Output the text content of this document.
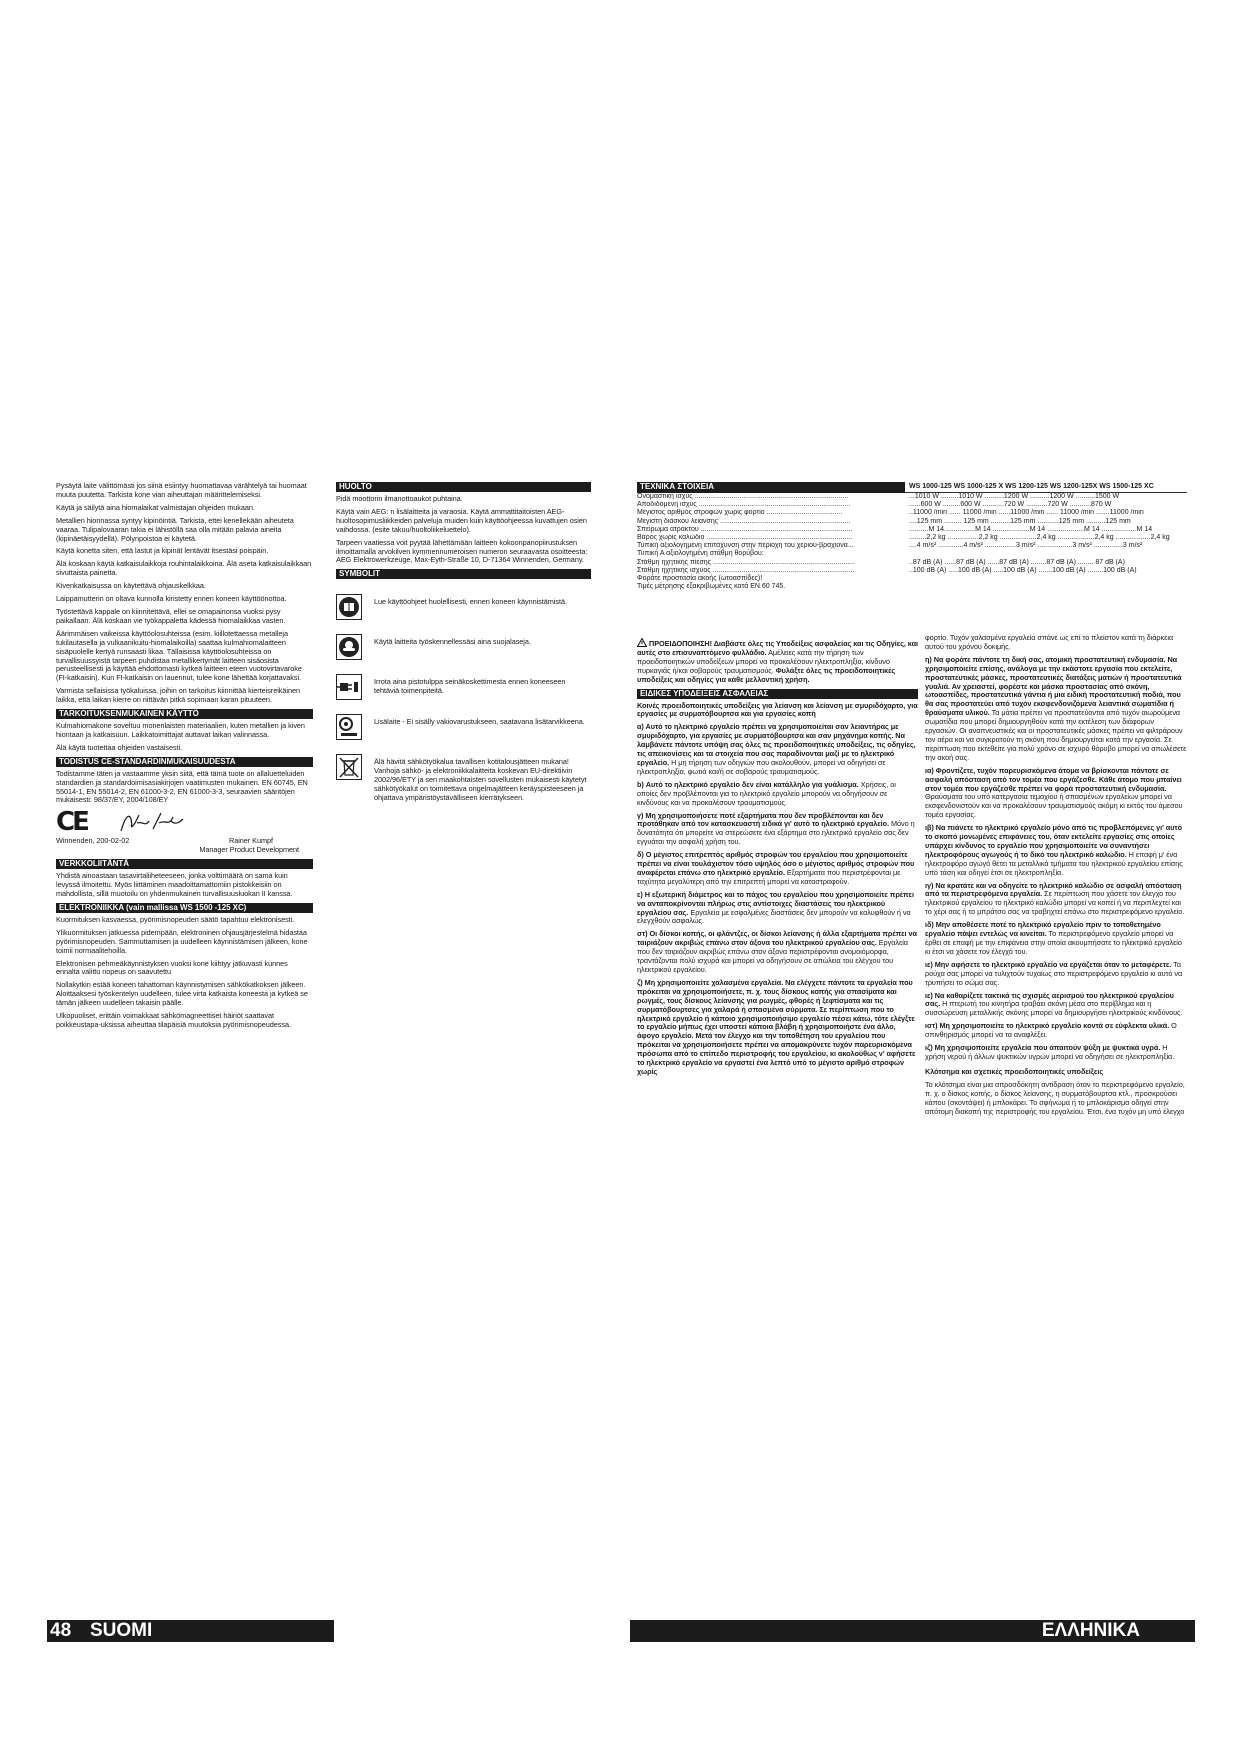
Pysäytä laite välittömästi jos siinä esiintyy huomattavaa värähtelyä tai huomaat muuta puutetta. Tarkista kone vian aiheuttajan määrittelemiseksi.

Käytä ja säilytä aina hiomalaikat valmistajan ohjeiden mukaan.

Metallien hionnassa syntyy kipinöintiä. Tarkista, ettei kenellekään aiheuteta vaaraa. Tulipalovaaran takia ei lähistöllä saa olla mitään palavia aineita (kipinäetäisyydellä). Pölynpoistoa ei käytetä.

Käytä konetta siten, että lastut ja kipinät lentävät itsestäsi poispäin.

Älä koskaan käytä katkaisulaikkoja rouhintalaikkoina. Älä aseta katkaisulaikkaan sivuttaista painetta.

Kivenkatkaisussa on käytettävä ohjauskelkkaa.

Laippamutterin on oltava kunnolla kiristetty ennen koneen käyttöönottoa.

Työstettävä kappale on kiinnitettävä, ellei se omapainonsa vuoksi pysy paikallaan. Älä koskaan vie työkappaletta kädessä hiomalaikkaa vasten.

Äärimmäisen vaikeissa käyttöolosuhteissa (esim. kiillotettaessa metalleja tukilautasella ja vulkaanikuitu-hiomalaikoilla) saattaa kulmahiomalaitteen sisäpuolelle kertyä runsaasti likaa. Tällaisissa käyttöolosuhteissa on turvallisuussyistä tarpeen puhdistaa metallikertymät laitteen sisäosista perusteellisesti ja käyttää ehdottomasti kytkeä laitteen eteen vuotovirtavaroke (FI-katkaisin). Kun FI-katkaisin on lauennut, tulee kone lähettää korjattavaksi.

Varmista sellaisissa työkaluissa, joihin on tarkoitus kiinnittää kierteisreikäinen laikka, että laikan kierre on riittävän pitkä sopimaan karan pituuteen.

TARKOITUKSENMUKAINEN KÄYTTÖ

Kulmahiomakone soveltuu monenlaisten materiaalien, kuten metallien ja kiven hiontaan ja katkaisuun. Laikkatoimittajat auttavat laikan valinnassa.

Älä käytä tuotettaa ohjeiden vastaisesti.

TODISTUS CE-STANDARDINMUKAISUUDESTA

Todistamme täten ja vastaamme yksin siitä, että tämä tuote on allaluetteluiden standardien ja standardoimisasiakirjojen vaatimusten mukainen. EN 60745, EN 55014-1, EN 55014-2, EN 61000-3-2, EN 61000-3-3, seuraavien sääntöjen mukaisesti: 98/37/EY, 2004/108/EY

CE
Winnenden, 200-02-02	Rainer Kumpf

Manager Product Development

VERKKOLIITÄNTÄ

Yhdistä ainoastaan tasavirtaliiheteeseen, jonka volttimäärä on sama kuin levyssä ilmoitettu. Myös liittäminen maadoittamattomiin pistokkeisiin on mahdollista, sillä muotoilu on yhdenmukainen turvallisuusluokan II kanssa.

ELEKTRONIIKKA (vain mallissa WS 1500 -125 XC)

Kuormituksen kasvaessa, pyörimisnopeuden säätö tapahtuu elektronisesti.

Ylikuormituksen jatkuessa pidempään, elektroninen ohjausjärjestelmä hidastaa pyörimisnopeuden. Sammuttamisen ja uudelleen käynnistämisen jälkeen, kone toimii normaalitehoilla.

Elektronisen pehmeäkäynnistyksen vuoksi kone kiihtyy jatkuvasti kunnes ennalta valittu nopeus on saavutettu

Nollakytkin estää koneen tahattoman käynnistymisen sähkökatkoksen jälkeen. Aloittaaksesi työskentelyn uudelleen, tulee virta katkaista koneesta ja kytkeä se tämän jälkeen uudelleen takaisin päälle.

Ulkopuoliset, erittäin voimakkaat sähkömagneettiset häiriöt saattavat poikkeustapa-uksissa aiheuttaa tilapäisiä muutoksia pyörimisnopeudessa.

HUOLTO

Pidä moottorin ilmanottoaukot puhtaina.

Käytä vain AEG: n lisälaitteita ja varaosia. Käytä ammattitaitoisten AEG-huoltosopimusliikkeiden palveluja muiden kuin käyttöohjeessa kuvattujen osien vaihdossa. (esite takuu/huoltoliikeluettelo).

Tarpeen vaatiessa voit pyytää lähettämään laitteen kokoonpanopiirustuksen ilmoittamalla arvokilven kymmennumeroisen numeron seuraavasta osoitteesta: AEG Elektrowerkzeuge, Max-Eyth-Straße 10, D-71364 Winnenden, Germany.

SYMBOLIT
Lue käyttöohjeet huolellisesti, ennen koneen käynnistämistä.
Käytä laitteita työskennellessäsi aina suojalaseja.
Irrota aina pistotulppa seinäkoskettimesta ennen koneeseen tehtäviä toimenpiteitä.
Lisälaite - Ei sisälly vakiovarustukseen, saatavana lisätarvikkeena.
Älä hävitä sähkötyökalua tavallisen kotitalousjätteen mukana! Vanhoja sähkö- ja elektroniikkalaitteita koskevan EU-direktiivin 2002/96/ETY ja sen maakohtaisten sovellusten mukaisesti käytetyt sähkötyökalut on toimitettava ongelmajätteen keräyspisteeseen ja ohjattava ympäristöystävälliseen kierrätykseen.
48 SUOMI
ΤΕΧΝΙΚΑ ΣΤΟΙΧΕΙΑ	WS 1000-125 WS 1000-125 X WS 1200-125 WS 1200-125X WS 1500-125 XC
Ονομαστική ισχύς ...............................................................................	...1010 W .........1010 W ..........1200 W ..........1200 W ..........1500 W
Αποδιδόμενη ισχύς ..............................................................................	......600 W .........600 W ...........720 W ...........720 W ...........870 W
Μέγιστος αριθμός στροφών χωρίς φορτίο .......................................	..11000 /min ...... 11000 /min ......11000 /min ...... 11000 /min .......11000 /min
Μέγιστη διάσκου λείανσης ...................................................................	....125 mm ......... 125 mm ..........125 mm ...........125 mm ..........125 mm
Σπείρωμα ατράκτου ..............................................................................	..........M 14................M 14 ...................M 14 ...................M 14 ..................M 14
Βάρος χωρίς καλώδιο ...........................................................................	.........2,2 kg ................2,2 kg ...................2,4 kg ...................2,4 kg ..................2,4 kg
Τυπική αξιολογημένη επιτάχυνση στην περιοχή του χεριού-βραχίονα...	....4 m/s² .............4 m/s² ................3 m/s² ..................3 m/s² ...............3 m/s²
Τυπική Α αξιολογημένη στάθμη θορύβου:
Στάθμη ηχητικής πίεσης .........................................................................	..87 dB (A) ......87 dB (A) ......87 dB (A) ........87 dB (A) ........ 87 dB (A)
Στάθμη ηχητικής ισχύος .........................................................................	..100 dB (A) .....100 dB (A) .....100 dB (A) .......100 dB (A) ........100 dB (A)
Φοράτε προστασία ακοής (ωτοασπίδες)!
Τιμές μέτρησης εξακριβωμένες κατά EN 60 745.

ΠΡΟΕΙΔΟΠΟΙΗΣΗ! Διαβάστε όλες τις Υποδείξεις ασφαλείας και τις Οδηγίες, και αυτές στο επισυναπτόμενο φυλλάδιο. Αμέλειες κατά την τήρηση των προειδοποιητικών υποδείξεων μπορεί να προκαλέσουν ηλεκτροπληξία, κίνδυνο πυρκαγιάς ή/και σοβαρούς τραυματισμούς. Φυλάξτε όλες τις προειδοποιητικές υποδείξεις και οδηγίες για κάθε μελλοντική χρήση.

ΕΙΔΙΚΕΣ ΥΠΟΔΕΙΞΕΙΣ ΑΣΦΑΛΕΙΑΣ

Κοινές προειδοποιητικές υποδείξεις για λείανση και λείανση με σμυριδόχαρτο, για εργασίες με συρματόβουρτσα και για εργασίες κοπή

α) Αυτό το ηλεκτρικό εργαλείο πρέπει να χρησιμοποιείται σαν λειαντήρας με σμυριδόχαρτο, για εργασίες με συρματόβουρτσα και σαν μηχάνημα κοπής. Να λαμβάνετε πάντοτε υπόψη σας όλες τις προειδοποιητικές υποδείξεις, τις οδηγίες, τις απεικονίσεις και τα στοιχεία που σας παραδίνονται μαζί με το ηλεκτρικό εργαλείο. Η μη τήρηση των οδηγιών που ακολουθούν, μπορεί να οδηγήσει σε ηλεκτροπληξία, φωτιά και/ή σε σοβαρούς τραυματισμούς.

b) Αυτό το ηλεκτρικό εργαλείο δεν είναι κατάλληλο για γυάλισμα. Χρήσεις, οι οποίες δεν προβλέπονται για το ηλεκτρικό εργαλείο μπορούν να οδηγήσουν σε κινδύνους και να προκαλέσουν τραυματισμούς.

γ) Μη χρησιμοποιήσετε ποτέ εξαρτήματα που δεν προβλέπονται και δεν προτάθηκαν από τον κατασκευαστή ειδικά γι' αυτό το ηλεκτρικό εργαλείο. Μόνο η δυνατότητα ότι μπορείτε να στερεώσετε ένα εξάρτημα στο ηλεκτρικό εργαλείο σας δεν εγγυάται την ασφαλή χρήση του.

δ) Ο μέγιστος επιτρεπτός αριθμός στροφών του εργαλείου που χρησιμοποιείτε πρέπει να είναι τουλάχιστον τόσο υψηλός όσο ο μέγιστος αριθμός στροφών που αναφέρεται επάνω στο ηλεκτρικό εργαλείο. Εξαρτήματα που περιστρέφονται με ταχύτητα μεγαλύτερη από την επιτρεπτή μπορεί να καταστραφούν.

ε) Η εξωτερική διάμετρος και το πάχος του εργαλείου που χρησιμοποιείτε πρέπει να ανταποκρίνονται πλήρως στις αντίστοιχες διαστάσεις του ηλεκτρικού εργαλείου σας. Εργαλεία με εσφαλμένες διαστάσεις δεν μπορούν να καλυφθούν ή να ελεγχθούν ασφαλώς.

στ) Οι δίσκοι κοπής, οι φλάντζες, οι δίσκοι λείανσης ή άλλα εξαρτήματα πρέπει να ταιριάζουν ακριβώς επάνω στον άξονα του ηλεκτρικού εργαλείου σας. Εργαλεία που δεν ταιριάζουν ακριβώς επάνω στον άξονα περιστρέφονται ανομοιόμορφα, τραντάζονται πολύ ισχυρά και μπορεί να οδηγήσουν σε απώλεια του ελέγχου του ηλεκτρικού εργαλείου.

ζ) Μη χρησιμοποιείτε χαλασμένα εργαλεία. Να ελέγχετε πάντοτε τα εργαλεία που πρόκειται να χρησιμοποιήσετε, π. χ. τους δίσκους κοπής για σπασίματα και ρωγμές, τους δίσκους λείανσης για ρωγμές, φθορές ή ξεφτίσματα και τις συρματόβουρτσες για χαλαρά ή σπασμένα σύρματα. Σε περίπτωση που το ηλεκτρικό εργαλείο ή κάποιο χρησιμοποιήσιμο εργαλείο πέσει κάτω, τότε ελέγξτε το εργαλείο μήπως έχει υποστεί κάποια βλάβη ή χρησιμοποιήστε ένα άλλο, άφογο εργαλείο. Μετά τον έλεγχο και την τοποθέτηση του εργαλείου που πρόκειται να χρησιμοποιήσετε πρέπει να απομακρύνετε τυχόν παρευρισκόμενα πρόσωπα από το επίπεδο περιστροφής του εργαλείου, κι ακολούθως ν' αφήσετε το ηλεκτρικό εργαλείο να εργαστεί ένα λεπτό υπό το μέγιστο αριθμό στροφών χωρίς

φορτίο. Τυχόν χαλασμένα εργαλεία σπάνε ως επί το πλείστον κατά τη διάρκεια αυτού του χρόνου δοκιμής.

η) Να φοράτε πάντοτε τη δική σας, ατομική προστατευτική ενδυμασία. Να χρησιμοποιείτε επίσης, ανάλογα με την εκάστοτε εργασία που εκτελείτε, προστατευτικές μάσκες, προστατευτικές διατάξεις ματιών ή προστατευτικά γυαλιά. Αν χρειαστεί, φορέστε και μάσκα προστασίας από σκόνη, ωτοασπίδες, προστατευτικά γάντια ή μια ειδική προστατευτική ποδιά, που θα σας προστατεύει από τυχόν εκσφενδονιζόμενα λειαντικά σωματίδια ή θραύσματα υλικού. Τα μάτια πρέπει να προστατεύονται από τυχόν αιωρούμενα σωματίδια που μπορεί δημιουργηθούν κατά την εκτέλεση των διάφορων εργασιών. Οι αναπνευστικές και οι προστατευτικές μάσκες πρέπει να φιλτράρουν τον αέρα και να συγκρατούν τη σκόνη που δημιουργείται κατά την εργασία. Σε περίπτωση που εκτεθείτε για πολύ χρόνο σε ισχυρό θόρυβο μπορεί να απωλέσετε την ακοή σας.

ια) Φροντίζετε, τυχόν παρευρισκόμενα άτομα να βρίσκονται πάντοτε σε ασφαλή απόσταση από τον τομέα που εργάζεσθε. Κάθε άτομο που μπαίνει στον τομέα που εργάζεσθε πρέπει να φορά προστατευτική ενδυμασία. Θραύσματα του υπό κατεργασία τεμαχίου ή σπασμένων εργαλείων μπορεί να εκσφενδονιστούν και να προκαλέσουν τραυματισμούς ακόμη κι εκτός του άμεσου τομέα εργασίας.

ιβ) Να πιάνετε το ηλεκτρικό εργαλείο μόνο από τις προβλεπόμενες γι' αυτό το σκοπό μονωμένες επιφάνειες του, όταν εκτελείτε εργασίες στις οποίες υπάρχει κίνδυνος το εργαλείο που χρησιμοποιείτε να συναντήσει ηλεκτροφόρους αγωγούς ή το δικό του ηλεκτρικό καλώδιο. Η επαφή μ' ένα ηλεκτροφόρο αγωγό θέτει τα μεταλλικά τμήματα του ηλεκτρικού εργαλείου επίσης υπό τάση και οδηγεί έτσι σε ηλεκτροπληξία.

ιγ) Να κρατάτε και να οδηγείτε το ηλεκτρικό καλώδιο σε ασφαλή απόσταση από τα περιστρεφόμενα εργαλεία. Σε περίπτωση που χάσετε τον έλεγχο του ηλεκτρικού εργαλείου το ηλεκτρικό καλώδιο μπορεί να κοπεί ή να περιπλεχτεί και το χέρι σας ή το μπράτσο σας να τραβηχτεί επάνω στο περιστρεφόμενο εργαλείο.

ιδ) Μην αποθέσετε ποτέ το ηλεκτρικό εργαλείο πριν το τοποθετημένο εργαλείο πάψει εντελώς να κινείται. Το περιστρεφόμενο εργαλείο μπορεί να έρθει σε επαφή με την επιφάνεια στην οποία ακουμπήσατε το ηλεκτρικό εργαλείο κι έτσι να χάσετε τον έλεγχό του.

ιε) Μην αφήσετε το ηλεκτρικό εργαλείο να εργάζεται όταν το μεταφέρετε. Τα ρούχα σας μπορεί να τυλιχτούν τυχαίως στο περιστρεφόμενο εργαλείο κι αυτό να τρυπήσει το σώμα σας.

ιε) Να καθαρίζετε τακτικά τις σχισμές αερισμού του ηλεκτρικού εργαλείου σας. Η πτερωτή του κινητήρα τραβάει σκόνη μέσα στο περίβλημα και η συσσώρευση μεταλλικής σκόνης μπορεί να δημιουργήσει ηλεκτρικούς κινδύνους.

ιστ) Μη χρησιμοποιείτε το ηλεκτρικό εργαλείο κοντά σε εύφλεκτα υλικά. Ο σπινθηρισμός μπορεί να τα αναφλέξει.

ιζ) Μη χρησιμοποιείτε εργαλεία που απαιτούν ψύξη με ψυκτικά υγρά. Η χρήση νερού ή άλλων ψυκτικών υγρών μπορεί να οδηγήσει σε ηλεκτροπληξία.

Κλότσημα και σχετικές προειδοποιητικές υποδείξεις

Το κλότσημα είναι μια απροσδόκητη αντίδραση όταν το περιστρεφόμενο εργαλείο, π. χ. ο δίσκος κοπής, ο δίσκος λείανσης, η συρματόβουρτσα κτλ., προσκρούσει κάπου (σκοντάψει) ή μπλοκάρει. Το σφήνωμα ή το μπλοκάρισμα οδηγεί στην απότομη διακοπή της περιστροφής του εργαλείου. Έτσι, ένα τυχόν μη υπό έλεγχο

ΕΛΛΗΝΙΚΑ
